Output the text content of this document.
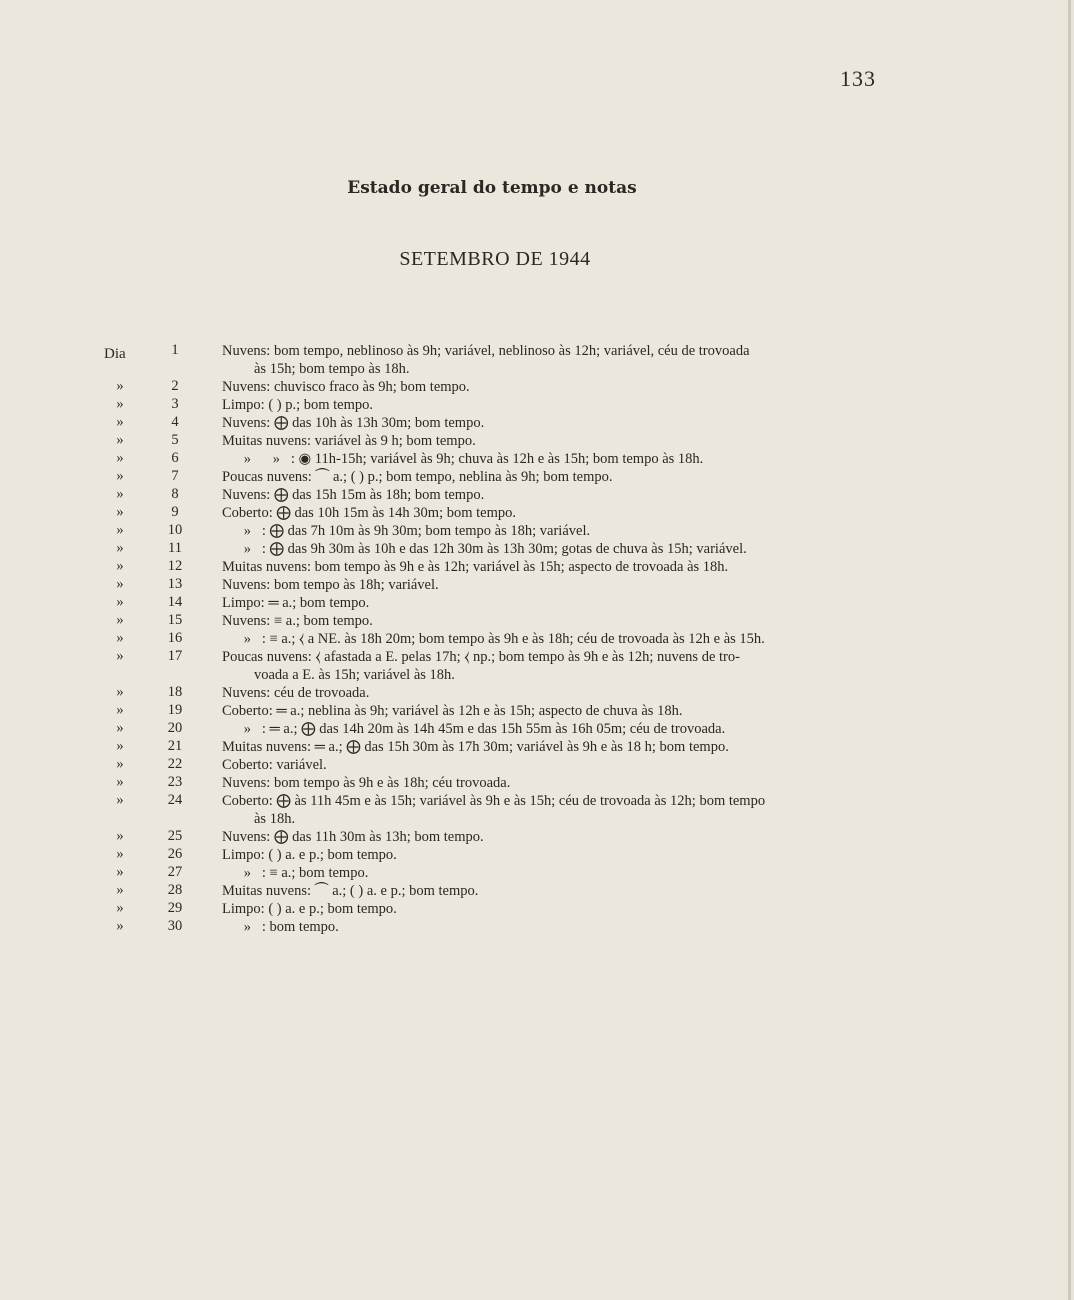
133
Estado geral do tempo e notas
SETEMBRO DE 1944
Dia	1	Nuvens: bom tempo, neblinoso às 9h; variável, neblinoso às 12h; variável, céu de trovoada
às 15h; bom tempo às 18h.
»	2	Nuvens: chuvisco fraco às 9h; bom tempo.
»	3	Limpo: ( ) p.; bom tempo.
»	4	Nuvens: ⨁ das 10h às 13h 30m; bom tempo.
»	5	Muitas nuvens: variável às 9 h; bom tempo.
»	6	»      »   : ◉ 11h-15h; variável às 9h; chuva às 12h e às 15h; bom tempo às 18h.
»	7	Poucas nuvens: ⏜ a.; ( ) p.; bom tempo, neblina às 9h; bom tempo.
»	8	Nuvens: ⨁ das 15h 15m às 18h; bom tempo.
»	9	Coberto: ⨁ das 10h 15m às 14h 30m; bom tempo.
»	10	»   : ⨁ das 7h 10m às 9h 30m; bom tempo às 18h; variável.
»	11	»   : ⨁ das 9h 30m às 10h e das 12h 30m às 13h 30m; gotas de chuva às 15h; variável.
»	12	Muitas nuvens: bom tempo às 9h e às 12h; variável às 15h; aspecto de trovoada às 18h.
»	13	Nuvens: bom tempo às 18h; variável.
»	14	Limpo: ═ a.; bom tempo.
»	15	Nuvens: ≡ a.; bom tempo.
»	16	»   : ≡ a.; ⧼ a NE. às 18h 20m; bom tempo às 9h e às 18h; céu de trovoada às 12h e às 15h.
»	17	Poucas nuvens: ⧼ afastada a E. pelas 17h; ⧼ np.; bom tempo às 9h e às 12h; nuvens de tro-
voada a E. às 15h; variável às 18h.
»	18	Nuvens: céu de trovoada.
»	19	Coberto: ═ a.; neblina às 9h; variável às 12h e às 15h; aspecto de chuva às 18h.
»	20	»   : ═ a.; ⨁ das 14h 20m às 14h 45m e das 15h 55m às 16h 05m; céu de trovoada.
»	21	Muitas nuvens: ═ a.; ⨁ das 15h 30m às 17h 30m; variável às 9h e às 18 h; bom tempo.
»	22	Coberto: variável.
»	23	Nuvens: bom tempo às 9h e às 18h; céu trovoada.
»	24	Coberto: ⨁ às 11h 45m e às 15h; variável às 9h e às 15h; céu de trovoada às 12h; bom tempo
às 18h.
»	25	Nuvens: ⨁ das 11h 30m às 13h; bom tempo.
»	26	Limpo: ( ) a. e p.; bom tempo.
»	27	»   : ≡ a.; bom tempo.
»	28	Muitas nuvens: ⏜ a.; ( ) a. e p.; bom tempo.
»	29	Limpo: ( ) a. e p.; bom tempo.
»	30	»   : bom tempo.
